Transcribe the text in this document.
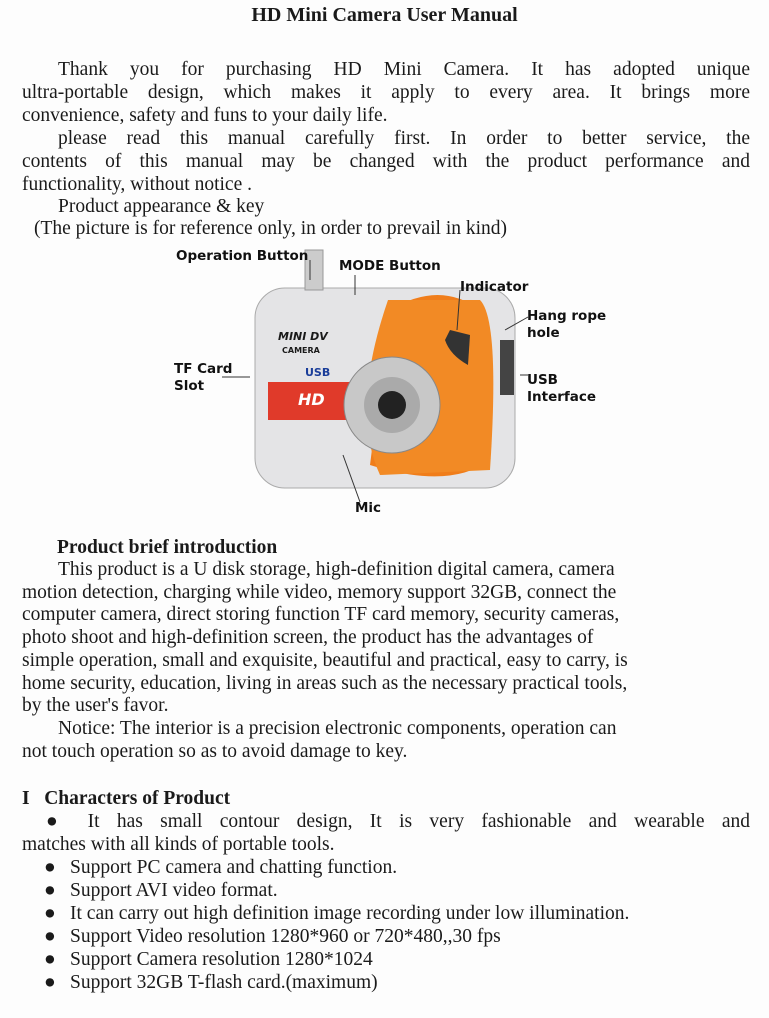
HD Mini Camera User Manual
Thank you for purchasing HD Mini Camera. It has adopted unique
ultra-portable design, which makes it apply to every area. It brings more
convenience, safety and funs to your daily life.
please read this manual carefully first. In order to better service, the
contents of this manual may be changed with the product performance and
functionality, without notice .
Product appearance & key
(The picture is for reference only, in order to prevail in kind)
MINI DV
CAMERA
USB
HD
Operation Button
MODE Button
Indicator
Hang rope
hole
TF Card
Slot	USB
Interface
Mic
Product brief introduction
This product is a U disk storage, high-definition digital camera, camera
motion detection, charging while video, memory support 32GB, connect the
computer camera, direct storing function TF card memory, security cameras,
photo shoot and high-definition screen, the product has the advantages of
simple operation, small and exquisite, beautiful and practical, easy to carry, is
home security, education, living in areas such as the necessary practical tools,
by the user's favor.
Notice: The interior is a precision electronic components, operation can
not touch operation so as to avoid damage to key.
I   Characters of Product
● It has small contour design, It is very fashionable and wearable and
matches with all kinds of portable tools.
● Support PC camera and chatting function.
● Support AVI video format.
● It can carry out high definition image recording under low illumination.
● Support Video resolution 1280*960 or 720*480,,30 fps
● Support Camera resolution 1280*1024
● Support 32GB T-flash card.(maximum)
